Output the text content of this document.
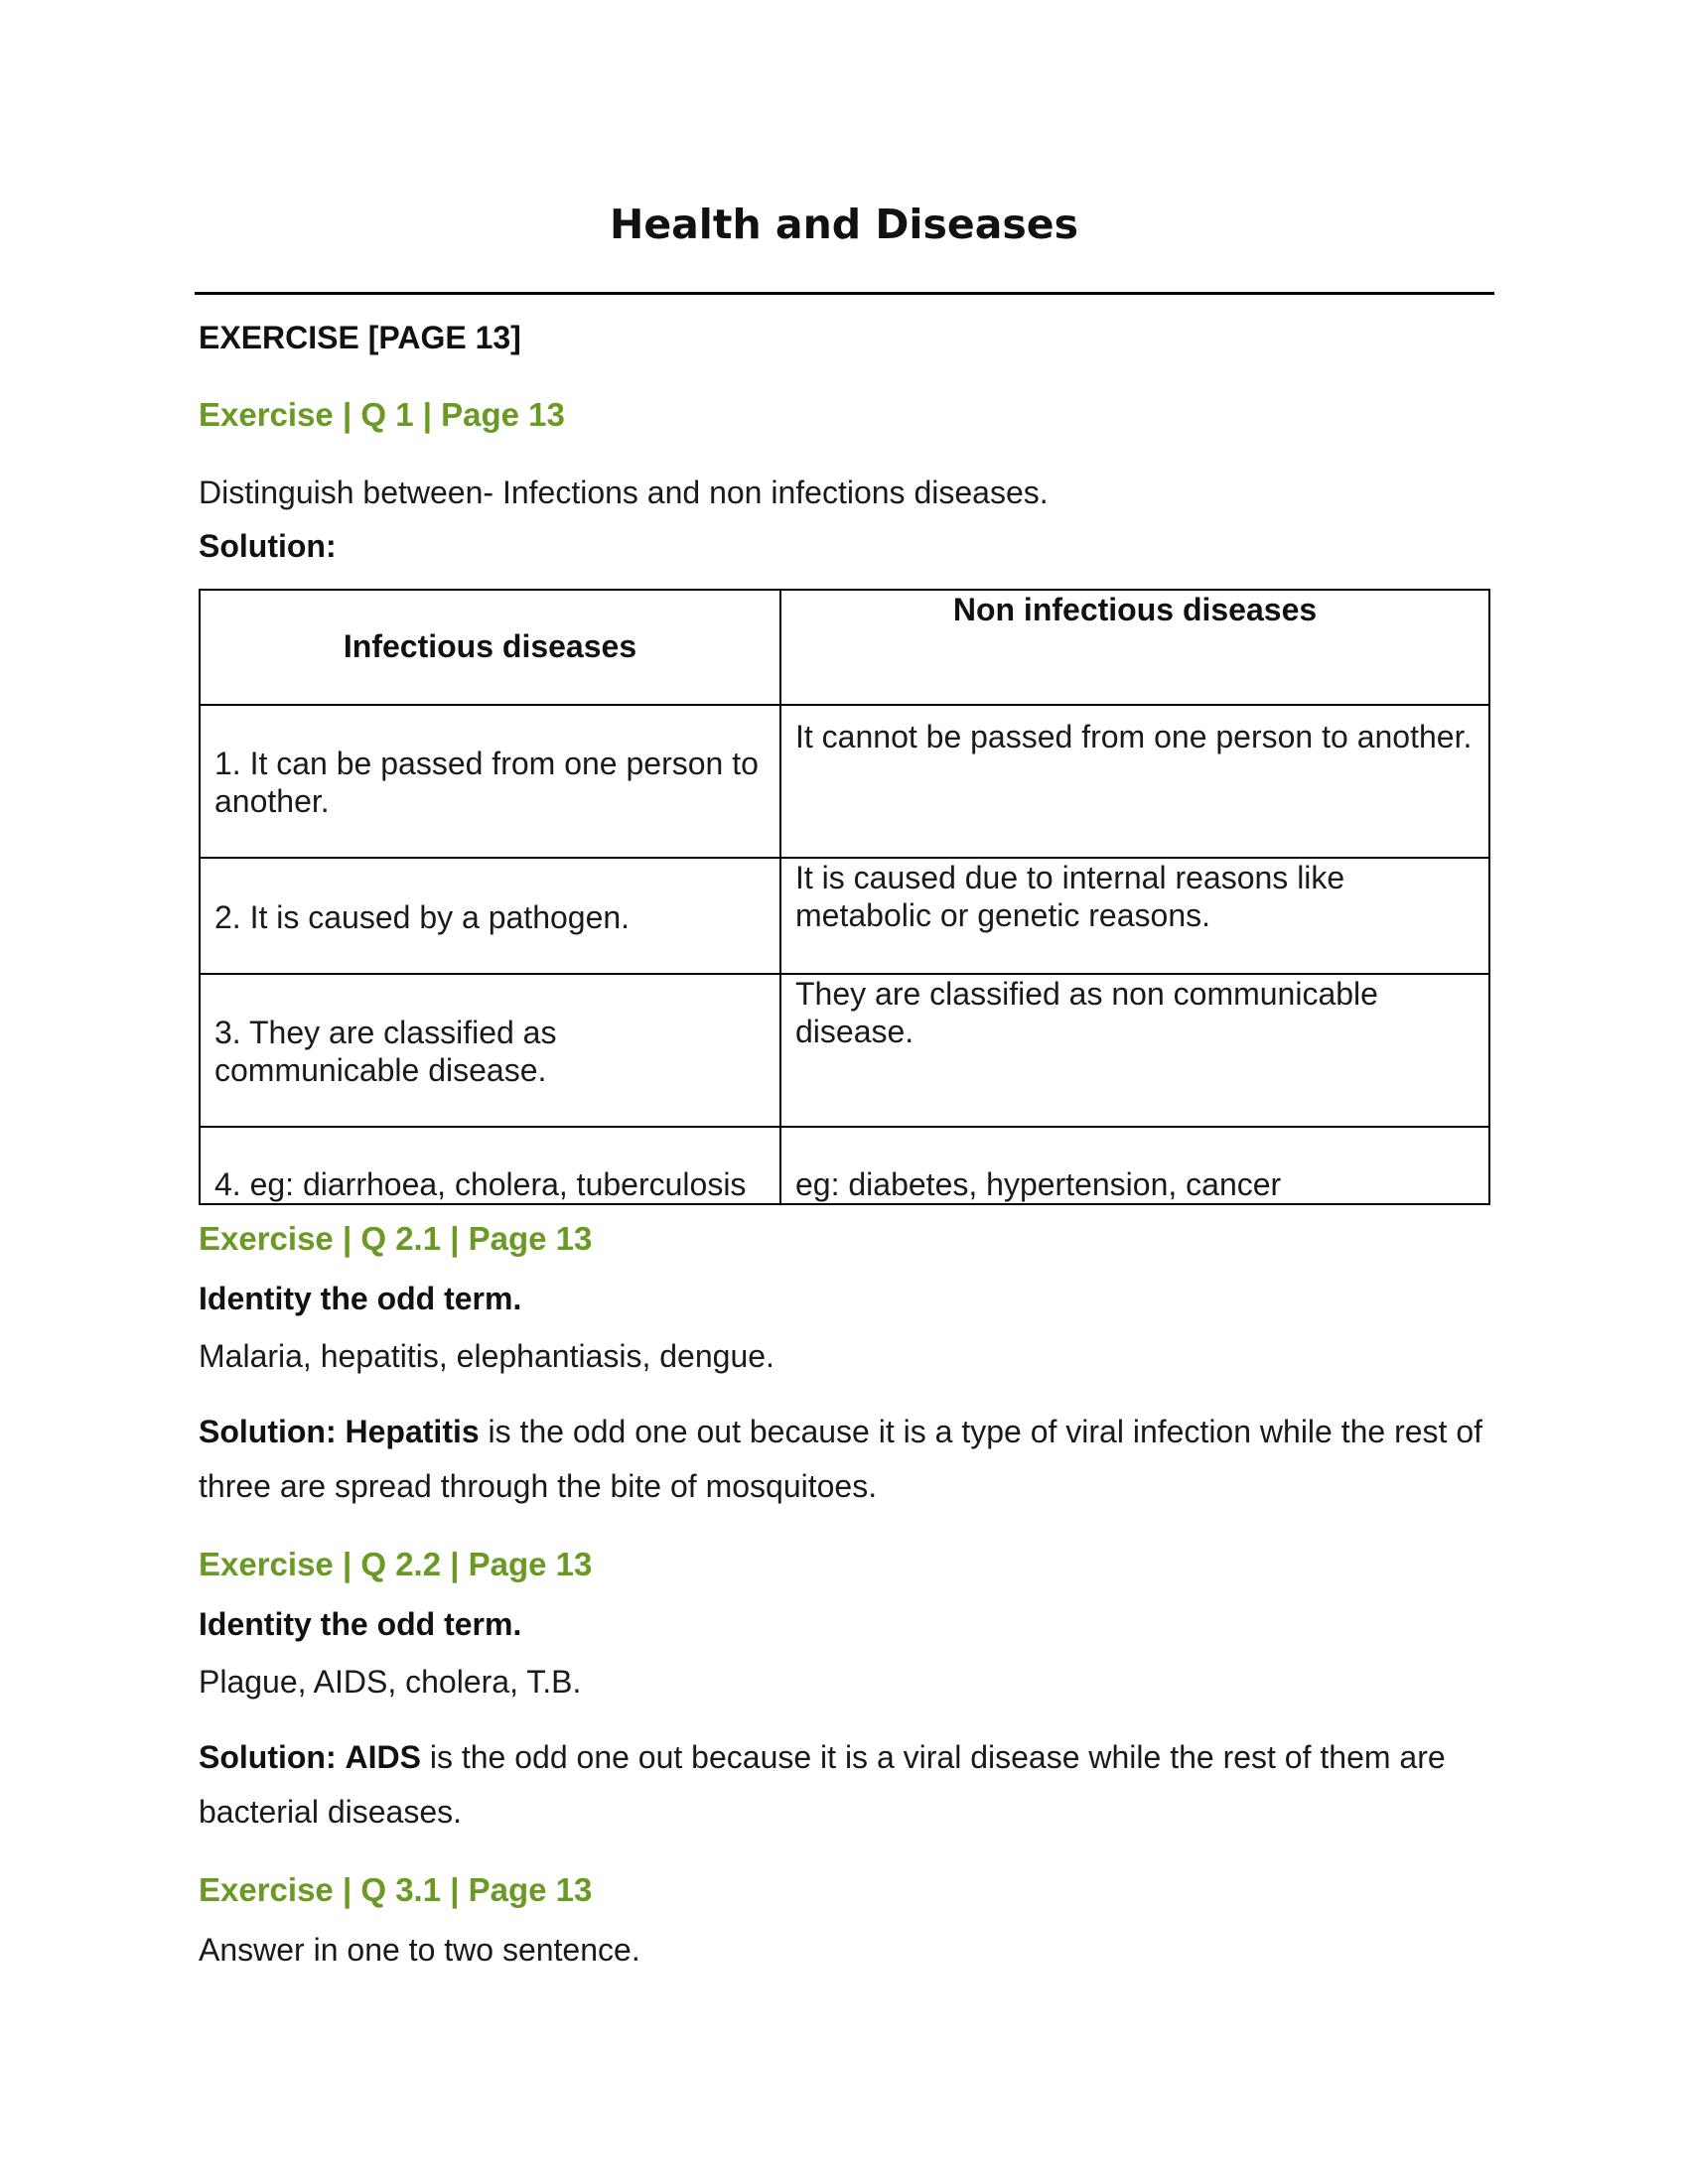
Health and Diseases
EXERCISE [PAGE 13]
Exercise | Q 1 | Page 13
Distinguish between- Infections and non infections diseases.
Solution:
Infectious diseases	Non infectious diseases
1. It can be passed from one person to another.	It cannot be passed from one person to another.
2. It is caused by a pathogen.	It is caused due to internal reasons like metabolic or genetic reasons.
3. They are classified as communicable disease.	They are classified as non communicable disease.
4. eg: diarrhoea, cholera, tuberculosis	eg: diabetes, hypertension, cancer
Exercise | Q 2.1 | Page 13
Identity the odd term.
Malaria, hepatitis, elephantiasis, dengue.
Solution: Hepatitis is the odd one out because it is a type of viral infection while the rest of three are spread through the bite of mosquitoes.
Exercise | Q 2.2 | Page 13
Identity the odd term.
Plague, AIDS, cholera, T.B.
Solution: AIDS is the odd one out because it is a viral disease while the rest of them are bacterial diseases.
Exercise | Q 3.1 | Page 13
Answer in one to two sentence.
